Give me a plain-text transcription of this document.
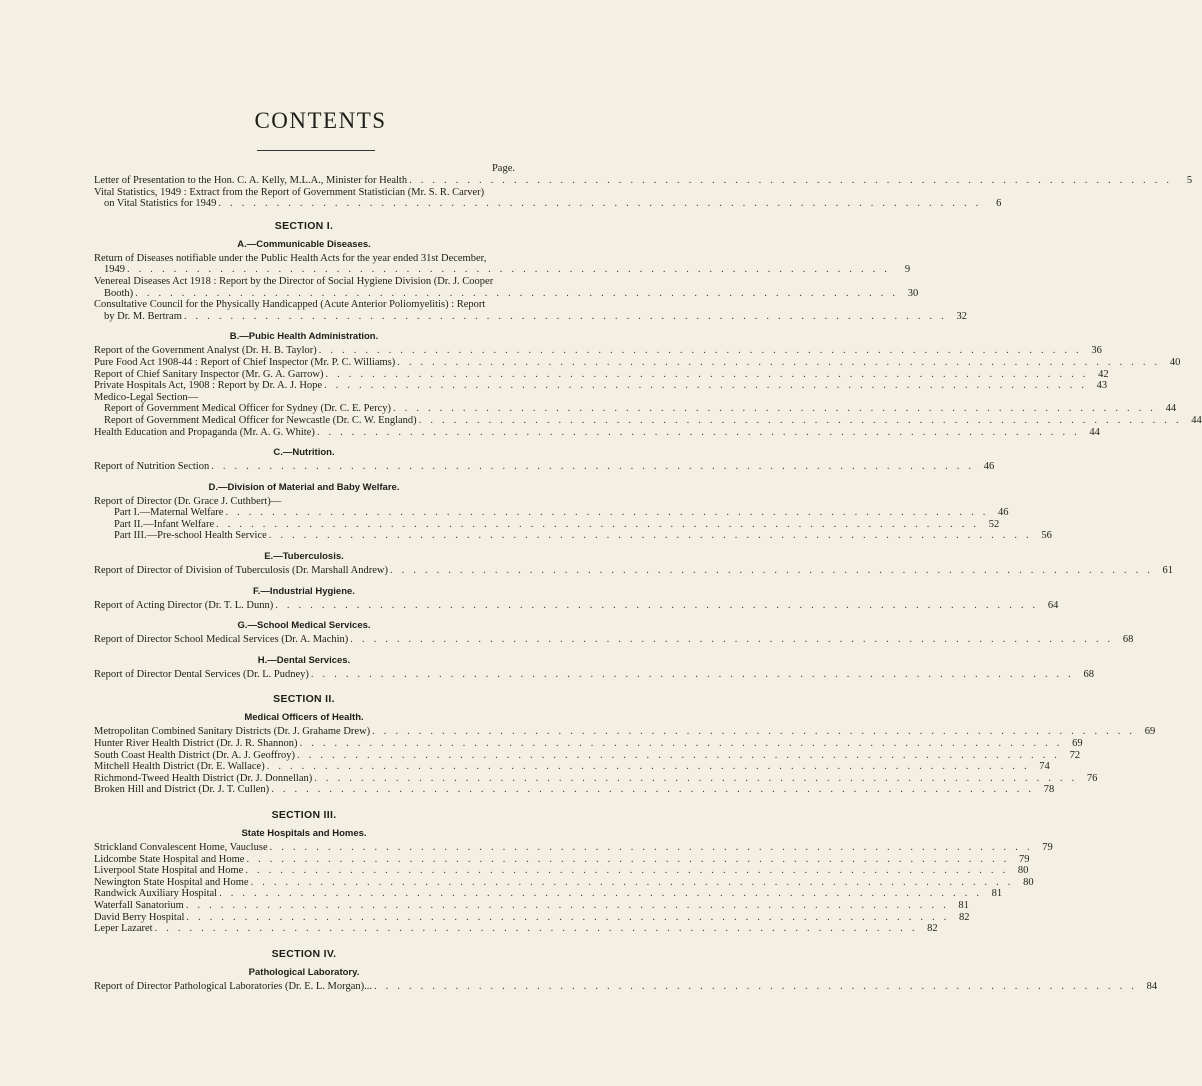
CONTENTS
Page.
Letter of Presentation to the Hon. C. A. Kelly, M.L.A., Minister for Health . . . . . . . . . . . . . . . . . . . . . . . . . . . . . . . . . . . . . . . . . . . . . . . . . . . . . . . . . . . . . . . . . .	5
Vital Statistics, 1949 : Extract from the Report of Government Statistician (Mr. S. R. Carver)
on Vital Statistics for 1949 . . . . . . . . . . . . . . . . . . . . . . . . . . . . . . . . . . . . . . . . . . . . . . . . . . . . . . . . . . . . . . . . . .	6
SECTION I.
A.—Communicable Diseases.
Return of Diseases notifiable under the Public Health Acts for the year ended 31st December,
1949 . . . . . . . . . . . . . . . . . . . . . . . . . . . . . . . . . . . . . . . . . . . . . . . . . . . . . . . . . . . . . . . . . .	9
Venereal Diseases Act 1918 : Report by the Director of Social Hygiene Division (Dr. J. Cooper
Booth) . . . . . . . . . . . . . . . . . . . . . . . . . . . . . . . . . . . . . . . . . . . . . . . . . . . . . . . . . . . . . . . . . . 30
Consultative Council for the Physically Handicapped (Acute Anterior Poliomyelitis) : Report
by Dr. M. Bertram . . . . . . . . . . . . . . . . . . . . . . . . . . . . . . . . . . . . . . . . . . . . . . . . . . . . . . . . . . . . . . . . . . 32
B.—Pubic Health Administration.
Report of the Government Analyst (Dr. H. B. Taylor) . . . . . . . . . . . . . . . . . . . . . . . . . . . . . . . . . . . . . . . . . . . . . . . . . . . . . . . . . . . . . . . . . . 36
Pure Food Act 1908-44 : Report of Chief Inspector (Mr. P. C. Williams) . . . . . . . . . . . . . . . . . . . . . . . . . . . . . . . . . . . . . . . . . . . . . . . . . . . . . . . . . . . . . . . . . . 40
Report of Chief Sanitary Inspector (Mr. G. A. Garrow) . . . . . . . . . . . . . . . . . . . . . . . . . . . . . . . . . . . . . . . . . . . . . . . . . . . . . . . . . . . . . . . . . . 42
Private Hospitals Act, 1908 : Report by Dr. A. J. Hope . . . . . . . . . . . . . . . . . . . . . . . . . . . . . . . . . . . . . . . . . . . . . . . . . . . . . . . . . . . . . . . . . . 43
Medico-Legal Section—
Report of Government Medical Officer for Sydney (Dr. C. E. Percy) . . . . . . . . . . . . . . . . . . . . . . . . . . . . . . . . . . . . . . . . . . . . . . . . . . . . . . . . . . . . . . . . . . 44
Report of Government Medical Officer for Newcastle (Dr. C. W. England) . . . . . . . . . . . . . . . . . . . . . . . . . . . . . . . . . . . . . . . . . . . . . . . . . . . . . . . . . . . . . . . . . . 44
Health Education and Propaganda (Mr. A. G. White) . . . . . . . . . . . . . . . . . . . . . . . . . . . . . . . . . . . . . . . . . . . . . . . . . . . . . . . . . . . . . . . . . . 44
C.—Nutrition.
Report of Nutrition Section . . . . . . . . . . . . . . . . . . . . . . . . . . . . . . . . . . . . . . . . . . . . . . . . . . . . . . . . . . . . . . . . . . 46
D.—Division of Material and Baby Welfare.
Report of Director (Dr. Grace J. Cuthbert)—
Part I.—Maternal Welfare . . . . . . . . . . . . . . . . . . . . . . . . . . . . . . . . . . . . . . . . . . . . . . . . . . . . . . . . . . . . . . . . . . 46
Part II.—Infant Welfare . . . . . . . . . . . . . . . . . . . . . . . . . . . . . . . . . . . . . . . . . . . . . . . . . . . . . . . . . . . . . . . . . . 52
Part III.—Pre-school Health Service . . . . . . . . . . . . . . . . . . . . . . . . . . . . . . . . . . . . . . . . . . . . . . . . . . . . . . . . . . . . . . . . . . 56
E.—Tuberculosis.
Report of Director of Division of Tuberculosis (Dr. Marshall Andrew) . . . . . . . . . . . . . . . . . . . . . . . . . . . . . . . . . . . . . . . . . . . . . . . . . . . . . . . . . . . . . . . . . . 61
F.—Industrial Hygiene.
Report of Acting Director (Dr. T. L. Dunn) . . . . . . . . . . . . . . . . . . . . . . . . . . . . . . . . . . . . . . . . . . . . . . . . . . . . . . . . . . . . . . . . . . 64
G.—School Medical Services.
Report of Director School Medical Services (Dr. A. Machin) . . . . . . . . . . . . . . . . . . . . . . . . . . . . . . . . . . . . . . . . . . . . . . . . . . . . . . . . . . . . . . . . . . 68
H.—Dental Services.
Report of Director Dental Services (Dr. L. Pudney) . . . . . . . . . . . . . . . . . . . . . . . . . . . . . . . . . . . . . . . . . . . . . . . . . . . . . . . . . . . . . . . . . . 68
SECTION II.
Medical Officers of Health.
Metropolitan Combined Sanitary Districts (Dr. J. Grahame Drew) . . . . . . . . . . . . . . . . . . . . . . . . . . . . . . . . . . . . . . . . . . . . . . . . . . . . . . . . . . . . . . . . . . 69
Hunter River Health District (Dr. J. R. Shannon) . . . . . . . . . . . . . . . . . . . . . . . . . . . . . . . . . . . . . . . . . . . . . . . . . . . . . . . . . . . . . . . . . . 69
South Coast Health District (Dr. A. J. Geoffroy) . . . . . . . . . . . . . . . . . . . . . . . . . . . . . . . . . . . . . . . . . . . . . . . . . . . . . . . . . . . . . . . . . . 72
Mitchell Health District (Dr. E. Wallace) . . . . . . . . . . . . . . . . . . . . . . . . . . . . . . . . . . . . . . . . . . . . . . . . . . . . . . . . . . . . . . . . . . 74
Richmond-Tweed Health District (Dr. J. Donnellan) . . . . . . . . . . . . . . . . . . . . . . . . . . . . . . . . . . . . . . . . . . . . . . . . . . . . . . . . . . . . . . . . . . 76
Broken Hill and District (Dr. J. T. Cullen) . . . . . . . . . . . . . . . . . . . . . . . . . . . . . . . . . . . . . . . . . . . . . . . . . . . . . . . . . . . . . . . . . . 78
SECTION III.
State Hospitals and Homes.
Strickland Convalescent Home, Vaucluse . . . . . . . . . . . . . . . . . . . . . . . . . . . . . . . . . . . . . . . . . . . . . . . . . . . . . . . . . . . . . . . . . . 79
Lidcombe State Hospital and Home . . . . . . . . . . . . . . . . . . . . . . . . . . . . . . . . . . . . . . . . . . . . . . . . . . . . . . . . . . . . . . . . . . 79
Liverpool State Hospital and Home . . . . . . . . . . . . . . . . . . . . . . . . . . . . . . . . . . . . . . . . . . . . . . . . . . . . . . . . . . . . . . . . . . 80
Newington State Hospital and Home . . . . . . . . . . . . . . . . . . . . . . . . . . . . . . . . . . . . . . . . . . . . . . . . . . . . . . . . . . . . . . . . . . 80
Randwick Auxiliary Hospital . . . . . . . . . . . . . . . . . . . . . . . . . . . . . . . . . . . . . . . . . . . . . . . . . . . . . . . . . . . . . . . . . . 81
Waterfall Sanatorium . . . . . . . . . . . . . . . . . . . . . . . . . . . . . . . . . . . . . . . . . . . . . . . . . . . . . . . . . . . . . . . . . . 81
David Berry Hospital . . . . . . . . . . . . . . . . . . . . . . . . . . . . . . . . . . . . . . . . . . . . . . . . . . . . . . . . . . . . . . . . . . 82
Leper Lazaret . . . . . . . . . . . . . . . . . . . . . . . . . . . . . . . . . . . . . . . . . . . . . . . . . . . . . . . . . . . . . . . . . . 82
SECTION IV.
Pathological Laboratory.
Report of Director Pathological Laboratories (Dr. E. L. Morgan)... . . . . . . . . . . . . . . . . . . . . . . . . . . . . . . . . . . . . . . . . . . . . . . . . . . . . . . . . . . . . . . . . . . 84
